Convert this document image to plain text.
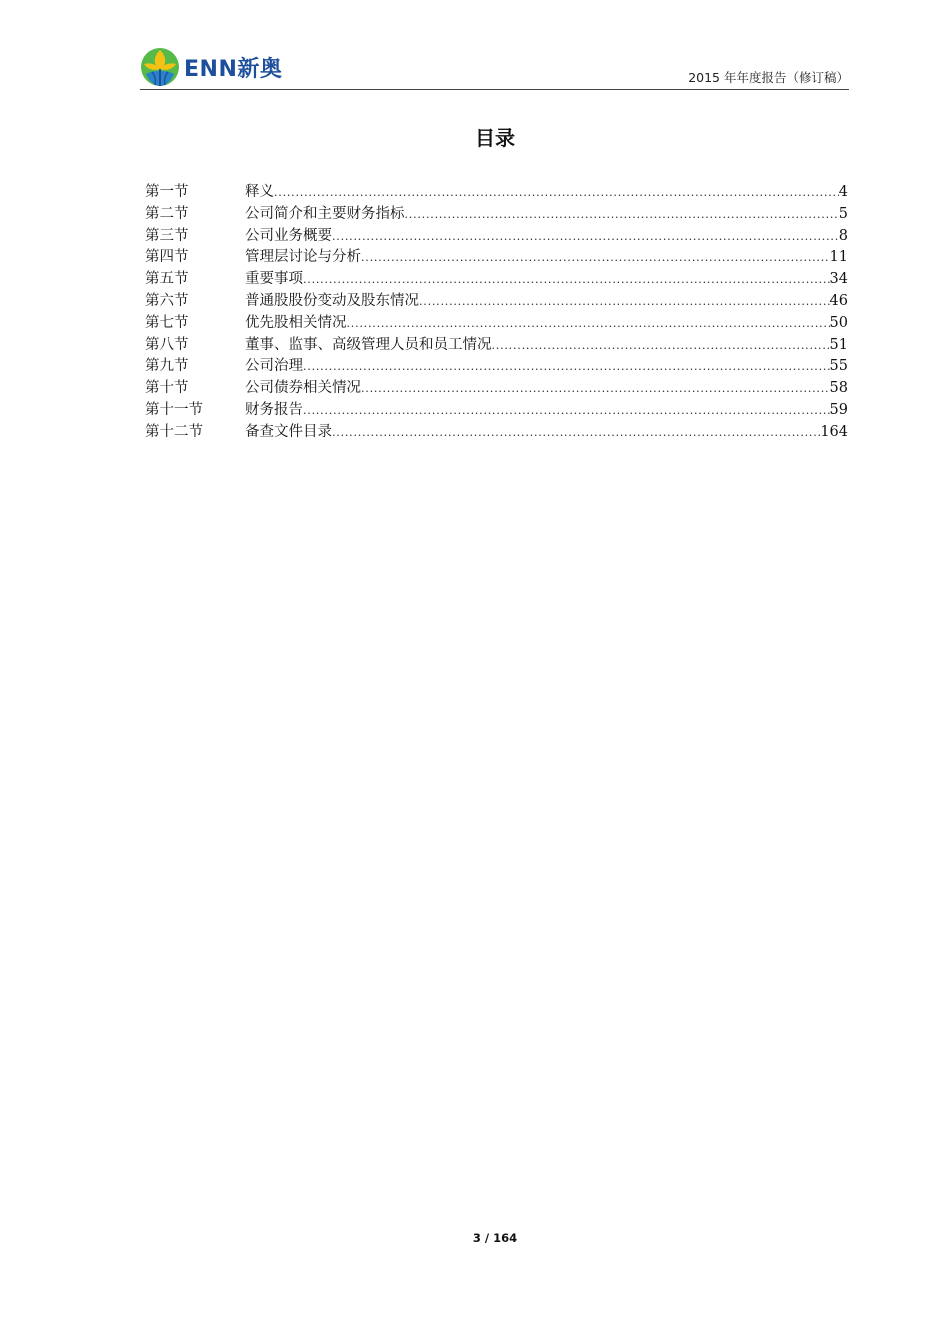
ENN新奥	2015 年年度报告（修订稿）
目录
第一节	释义 .....	4
第二节	公司简介和主要财务指标 .....	5
第三节	公司业务概要 .....	8
第四节	管理层讨论与分析 .....	11
第五节	重要事项 .....	34
第六节	普通股股份变动及股东情况 .....	46
第七节	优先股相关情况 .....	50
第八节	董事、监事、高级管理人员和员工情况 .....	51
第九节	公司治理 .....	55
第十节	公司债券相关情况 .....	58
第十一节	财务报告 .....	59
第十二节	备查文件目录 .....	164
3 / 164
